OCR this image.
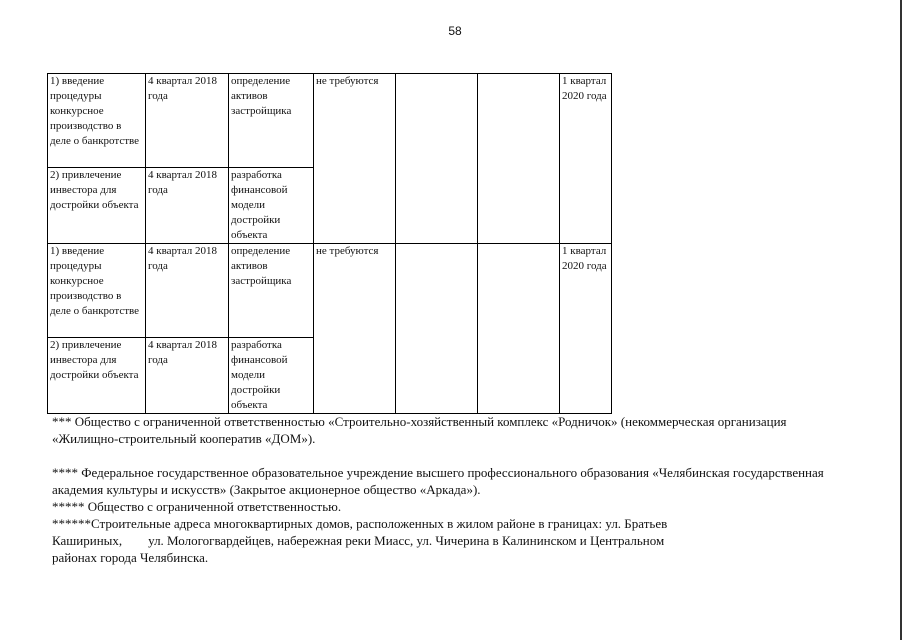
58
1) введение процедуры конкурсное производство в деле о банкротстве	4 квартал 2018 года	определение активов застройщика	не требуются			1 квартал 2020 года
2) привлечение инвестора для достройки объекта	4 квартал 2018 года	разработка финансовой модели достройки объекта				
1) введение процедуры конкурсное производство в деле о банкротстве	4 квартал 2018 года	определение активов застройщика	не требуются			1 квартал 2020 года
2) привлечение инвестора для достройки объекта	4 квартал 2018 года	разработка финансовой модели достройки объекта				

*** Общество с ограниченной ответственностью «Строительно-хозяйственный комплекс «Родничок» (некоммерческая организация «Жилищно-строительный кооператив «ДОМ»).

**** Федеральное государственное образовательное учреждение высшего профессионального образования «Челябинская государственная академия культуры и искусств» (Закрытое акционерное общество «Аркада»).

***** Общество с ограниченной ответственностью.

******Строительные адреса многоквартирных домов, расположенных в жилом районе в границах: ул. Братьев

Кашириных, ул. Мологогвардейцев, набережная реки Миасс, ул. Чичерина в Калининском и Центральном

районах города Челябинска.
